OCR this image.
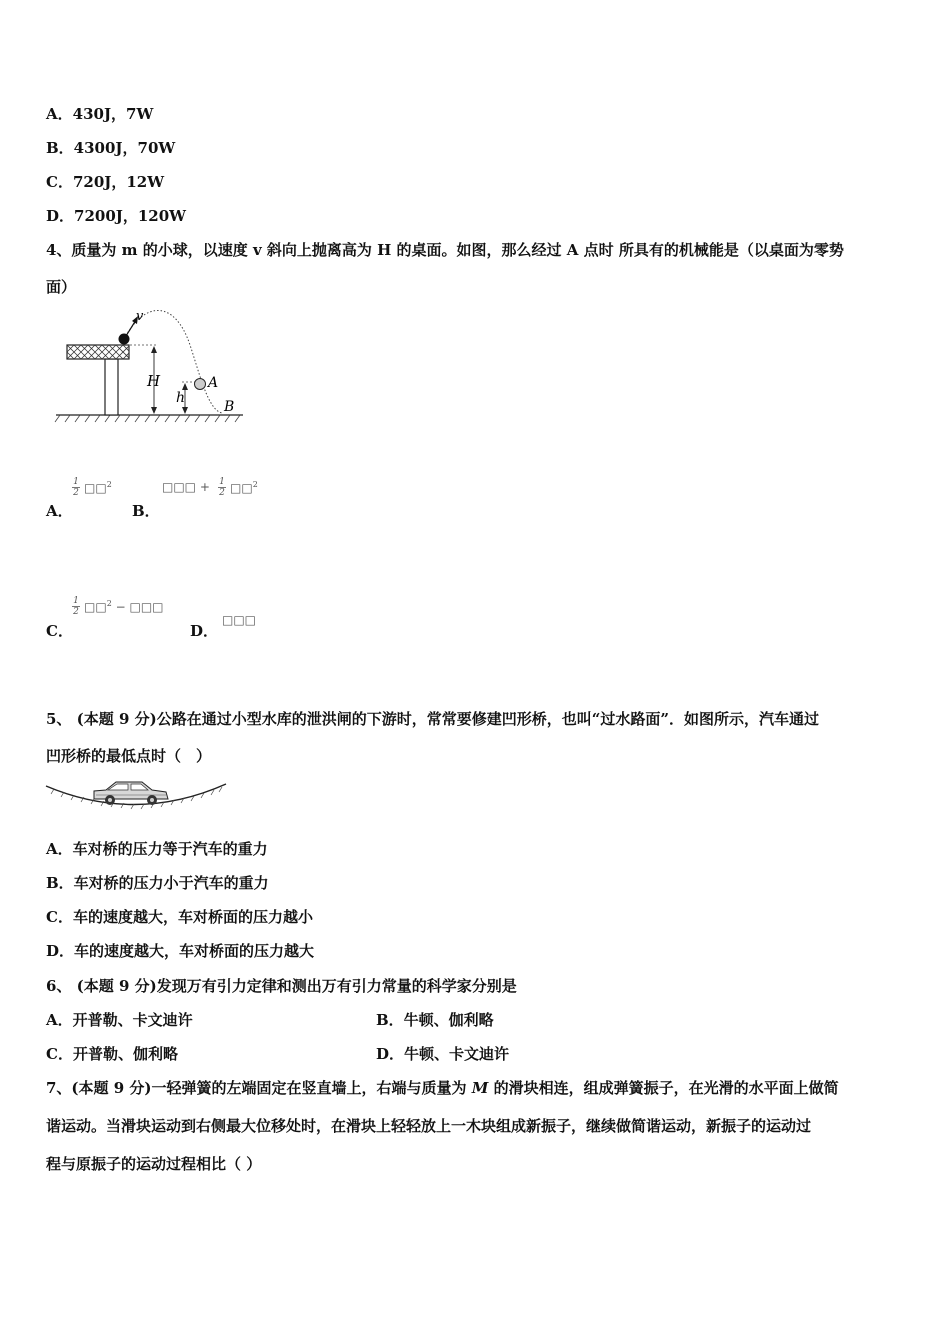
A．430J，7W
B．4300J，70W
C．720J，12W
D．7200J，120W
4、质量为 m 的小球，以速度 v 斜向上抛离高为 H 的桌面。如图，那么经过 A 点时 所具有的机械能是（以桌面为零势
面）
v
H
h
A
B
A．
$\frac{1}{2}$ □□$^2$
B．
□□□ + $\frac{1}{2}$ □□$^2$
C．
$\frac{1}{2}$ □□$^2$ − □□□
D．
□□□
5、 (本题 9 分)公路在通过小型水库的泄洪闸的下游时，常常要修建凹形桥，也叫“过水路面”．如图所示，汽车通过
凹形桥的最低点时（　）
A．车对桥的压力等于汽车的重力
B．车对桥的压力小于汽车的重力
C．车的速度越大，车对桥面的压力越小
D．车的速度越大，车对桥面的压力越大
6、 (本题 9 分)发现万有引力定律和测出万有引力常量的科学家分别是
A．开普勒、卡文迪许	B．牛顿、伽利略
C．开普勒、伽利略	D．牛顿、卡文迪许
7、(本题 9 分)一轻弹簧的左端固定在竖直墙上，右端与质量为 M 的滑块相连，组成弹簧振子，在光滑的水平面上做简
谐运动。当滑块运动到右侧最大位移处时，在滑块上轻轻放上一木块组成新振子，继续做简谐运动，新振子的运动过
程与原振子的运动过程相比（ ）
